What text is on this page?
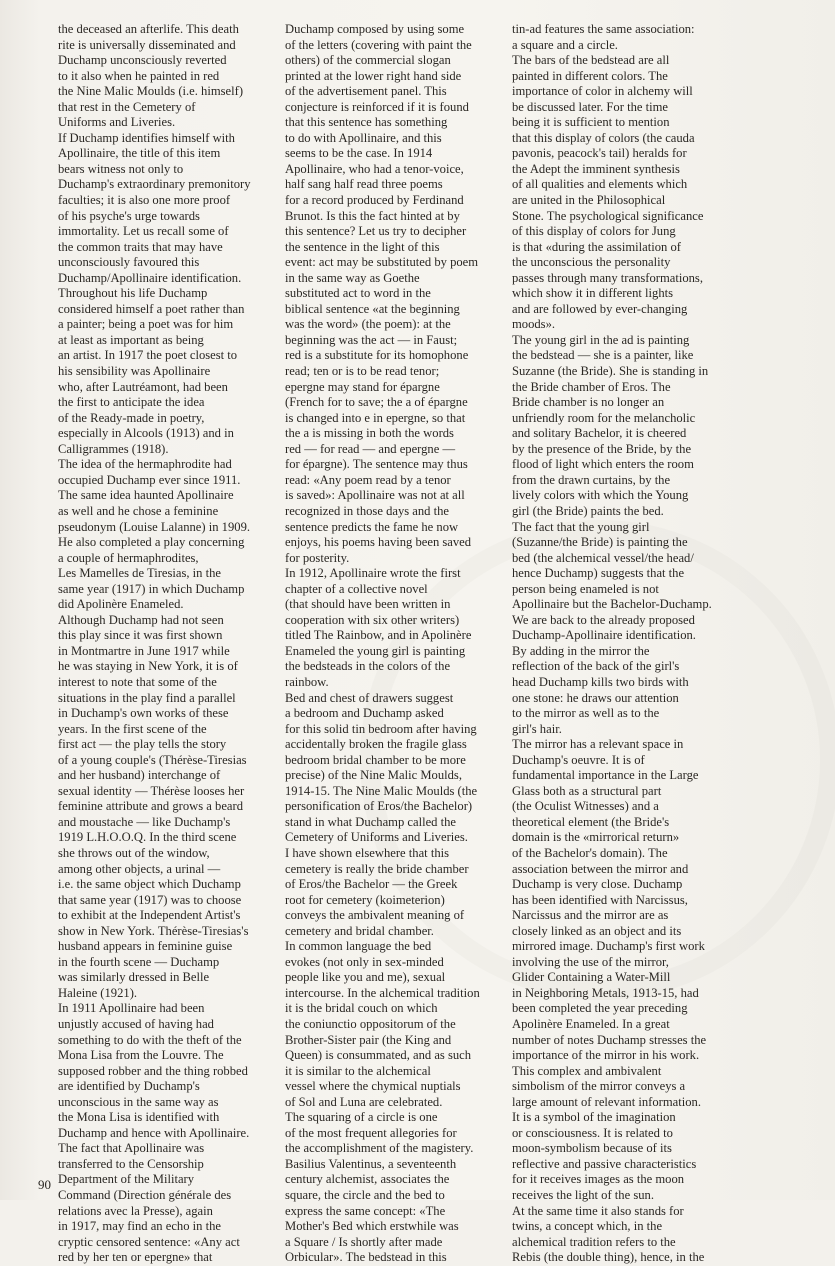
the deceased an afterlife. This death
rite is universally disseminated and
Duchamp unconsciously reverted
to it also when he painted in red
the Nine Malic Moulds (i.e. himself)
that rest in the Cemetery of
Uniforms and Liveries.
If Duchamp identifies himself with
Apollinaire, the title of this item
bears witness not only to
Duchamp's extraordinary premonitory
faculties; it is also one more proof
of his psyche's urge towards
immortality. Let us recall some of
the common traits that may have
unconsciously favoured this
Duchamp/Apollinaire identification.
Throughout his life Duchamp
considered himself a poet rather than
a painter; being a poet was for him
at least as important as being
an artist. In 1917 the poet closest to
his sensibility was Apollinaire
who, after Lautréamont, had been
the first to anticipate the idea
of the Ready-made in poetry,
especially in Alcools (1913) and in
Calligrammes (1918).
The idea of the hermaphrodite had
occupied Duchamp ever since 1911.
The same idea haunted Apollinaire
as well and he chose a feminine
pseudonym (Louise Lalanne) in 1909.
He also completed a play concerning
a couple of hermaphrodites,
Les Mamelles de Tiresias, in the
same year (1917) in which Duchamp
did Apolinère Enameled.
Although Duchamp had not seen
this play since it was first shown
in Montmartre in June 1917 while
he was staying in New York, it is of
interest to note that some of the
situations in the play find a parallel
in Duchamp's own works of these
years. In the first scene of the
first act — the play tells the story
of a young couple's (Thérèse-Tiresias
and her husband) interchange of
sexual identity — Thérèse looses her
feminine attribute and grows a beard
and moustache — like Duchamp's
1919 L.H.O.O.Q. In the third scene
she throws out of the window,
among other objects, a urinal —
i.e. the same object which Duchamp
that same year (1917) was to choose
to exhibit at the Independent Artist's
show in New York. Thérèse-Tiresias's
husband appears in feminine guise
in the fourth scene — Duchamp
was similarly dressed in Belle
Haleine (1921).
In 1911 Apollinaire had been
unjustly accused of having had
something to do with the theft of the
Mona Lisa from the Louvre. The
supposed robber and the thing robbed
are identified by Duchamp's
unconscious in the same way as
the Mona Lisa is identified with
Duchamp and hence with Apollinaire.
The fact that Apollinaire was
transferred to the Censorship
Department of the Military
Command (Direction générale des
relations avec la Presse), again
in 1917, may find an echo in the
cryptic censored sentence: «Any act
red by her ten or epergne» that
Duchamp composed by using some
of the letters (covering with paint the
others) of the commercial slogan
printed at the lower right hand side
of the advertisement panel. This
conjecture is reinforced if it is found
that this sentence has something
to do with Apollinaire, and this
seems to be the case. In 1914
Apollinaire, who had a tenor-voice,
half sang half read three poems
for a record produced by Ferdinand
Brunot. Is this the fact hinted at by
this sentence? Let us try to decipher
the sentence in the light of this
event: act may be substituted by poem
in the same way as Goethe
substituted act to word in the
biblical sentence «at the beginning
was the word» (the poem): at the
beginning was the act — in Faust;
red is a substitute for its homophone
read; ten or is to be read tenor;
epergne may stand for épargne
(French for to save; the a of épargne
is changed into e in epergne, so that
the a is missing in both the words
red — for read — and epergne —
for épargne). The sentence may thus
read: «Any poem read by a tenor
is saved»: Apollinaire was not at all
recognized in those days and the
sentence predicts the fame he now
enjoys, his poems having been saved
for posterity.
In 1912, Apollinaire wrote the first
chapter of a collective novel
(that should have been written in
cooperation with six other writers)
titled The Rainbow, and in Apolinère
Enameled the young girl is painting
the bedsteads in the colors of the
rainbow.
Bed and chest of drawers suggest
a bedroom and Duchamp asked
for this solid tin bedroom after having
accidentally broken the fragile glass
bedroom bridal chamber to be more
precise) of the Nine Malic Moulds,
1914-15. The Nine Malic Moulds (the
personification of Eros/the Bachelor)
stand in what Duchamp called the
Cemetery of Uniforms and Liveries.
I have shown elsewhere that this
cemetery is really the bride chamber
of Eros/the Bachelor — the Greek
root for cemetery (koimeterion)
conveys the ambivalent meaning of
cemetery and bridal chamber.
In common language the bed
evokes (not only in sex-minded
people like you and me), sexual
intercourse. In the alchemical tradition
it is the bridal couch on which
the coniunctio oppositorum of the
Brother-Sister pair (the King and
Queen) is consummated, and as such
it is similar to the alchemical
vessel where the chymical nuptials
of Sol and Luna are celebrated.
The squaring of a circle is one
of the most frequent allegories for
the accomplishment of the magistery.
Basilius Valentinus, a seventeenth
century alchemist, associates the
square, the circle and the bed to
express the same concept: «The
Mother's Bed which erstwhile was
a Square / Is shortly after made
Orbicular». The bedstead in this
tin-ad features the same association:
a square and a circle.
The bars of the bedstead are all
painted in different colors. The
importance of color in alchemy will
be discussed later. For the time
being it is sufficient to mention
that this display of colors (the cauda
pavonis, peacock's tail) heralds for
the Adept the imminent synthesis
of all qualities and elements which
are united in the Philosophical
Stone. The psychological significance
of this display of colors for Jung
is that «during the assimilation of
the unconscious the personality
passes through many transformations,
which show it in different lights
and are followed by ever-changing
moods».
The young girl in the ad is painting
the bedstead — she is a painter, like
Suzanne (the Bride). She is standing in
the Bride chamber of Eros. The
Bride chamber is no longer an
unfriendly room for the melancholic
and solitary Bachelor, it is cheered
by the presence of the Bride, by the
flood of light which enters the room
from the drawn curtains, by the
lively colors with which the Young
girl (the Bride) paints the bed.
The fact that the young girl
(Suzanne/the Bride) is painting the
bed (the alchemical vessel/the head/
hence Duchamp) suggests that the
person being enameled is not
Apollinaire but the Bachelor-Duchamp.
We are back to the already proposed
Duchamp-Apollinaire identification.
By adding in the mirror the
reflection of the back of the girl's
head Duchamp kills two birds with
one stone: he draws our attention
to the mirror as well as to the
girl's hair.
The mirror has a relevant space in
Duchamp's oeuvre. It is of
fundamental importance in the Large
Glass both as a structural part
(the Oculist Witnesses) and a
theoretical element (the Bride's
domain is the «mirrorical return»
of the Bachelor's domain). The
association between the mirror and
Duchamp is very close. Duchamp
has been identified with Narcissus,
Narcissus and the mirror are as
closely linked as an object and its
mirrored image. Duchamp's first work
involving the use of the mirror,
Glider Containing a Water-Mill
in Neighboring Metals, 1913-15, had
been completed the year preceding
Apolinère Enameled. In a great
number of notes Duchamp stresses the
importance of the mirror in his work.
This complex and ambivalent
simbolism of the mirror conveys a
large amount of relevant information.
It is a symbol of the imagination
or consciousness. It is related to
moon-symbolism because of its
reflective and passive characteristics
for it receives images as the moon
receives the light of the sun.
At the same time it also stands for
twins, a concept which, in the
alchemical tradition refers to the
Rebis (the double thing), hence, in the
90
